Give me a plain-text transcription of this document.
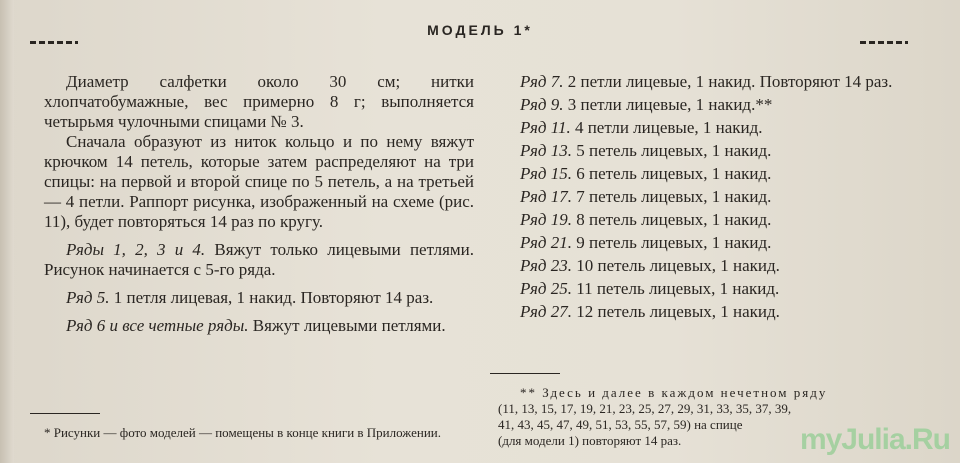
МОДЕЛЬ 1*

Диаметр салфетки около 30 см; нитки хлопчатобумажные, вес примерно 8 г; выполняется четырьмя чулочными спицами № 3.

Сначала образуют из ниток кольцо и по нему вяжут крючком 14 петель, которые затем распределяют на три спицы: на первой и второй спице по 5 петель, а на третьей — 4 петли. Раппорт рисунка, изображенный на схеме (рис. 11), будет повторяться 14 раз по кругу.

Ряды 1, 2, 3 и 4. Вяжут только лицевыми петлями. Рисунок начинается с 5-го ряда.

Ряд 5. 1 петля лицевая, 1 накид. Повторяют 14 раз.

Ряд 6 и все четные ряды. Вяжут лицевыми петлями.

* Рисунки — фото моделей — помещены в конце книги в Приложении.
Ряд 7. 2 петли лицевые, 1 накид. Повторяют 14 раз.
Ряд 9. 3 петли лицевые, 1 накид.**
Ряд 11. 4 петли лицевые, 1 накид.
Ряд 13. 5 петель лицевых, 1 накид.
Ряд 15. 6 петель лицевых, 1 накид.
Ряд 17. 7 петель лицевых, 1 накид.
Ряд 19. 8 петель лицевых, 1 накид.
Ряд 21. 9 петель лицевых, 1 накид.
Ряд 23. 10 петель лицевых, 1 накид.
Ряд 25. 11 петель лицевых, 1 накид.
Ряд 27. 12 петель лицевых, 1 накид.
** Здесь и далее в каждом нечетном ряду
(11, 13, 15, 17, 19, 21, 23, 25, 27, 29, 31, 33, 35, 37, 39,
41, 43, 45, 47, 49, 51, 53, 55, 57, 59) на спице
(для модели 1) повторяют 14 раз.	myJulia.Ru
